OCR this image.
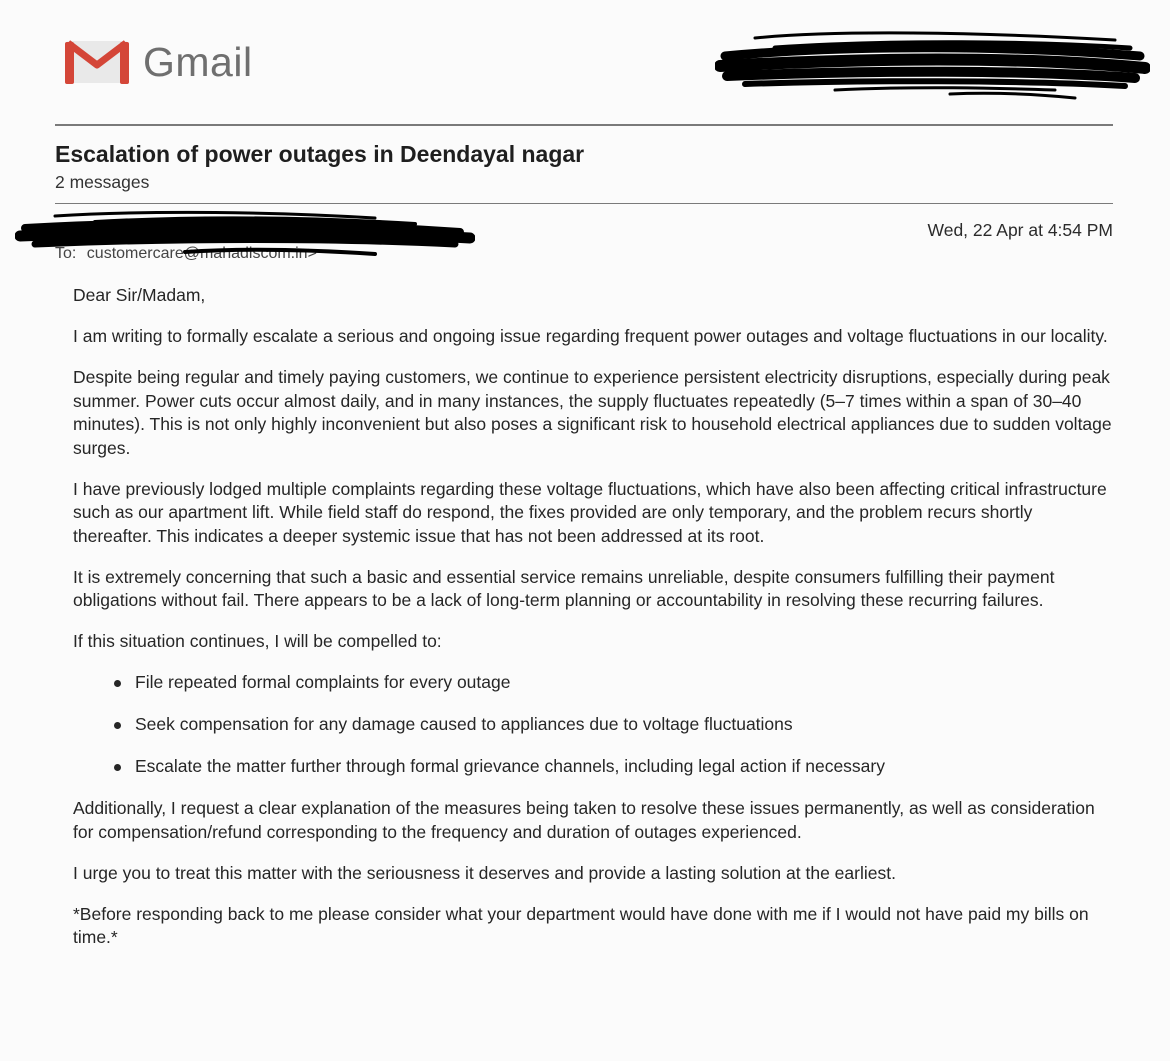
Gmail
Escalation of power outages in Deendayal nagar
2 messages
To: customercare@mahadiscom.in>
Wed, 22 Apr at 4:54 PM

Dear Sir/Madam,

I am writing to formally escalate a serious and ongoing issue regarding frequent power outages and voltage fluctuations in our locality.

Despite being regular and timely paying customers, we continue to experience persistent electricity disruptions, especially during peak summer. Power cuts occur almost daily, and in many instances, the supply fluctuates repeatedly (5–7 times within a span of 30–40 minutes). This is not only highly inconvenient but also poses a significant risk to household electrical appliances due to sudden voltage surges.

I have previously lodged multiple complaints regarding these voltage fluctuations, which have also been affecting critical infrastructure such as our apartment lift. While field staff do respond, the fixes provided are only temporary, and the problem recurs shortly thereafter. This indicates a deeper systemic issue that has not been addressed at its root.

It is extremely concerning that such a basic and essential service remains unreliable, despite consumers fulfilling their payment obligations without fail. There appears to be a lack of long-term planning or accountability in resolving these recurring failures.

If this situation continues, I will be compelled to:

File repeated formal complaints for every outage
Seek compensation for any damage caused to appliances due to voltage fluctuations
Escalate the matter further through formal grievance channels, including legal action if necessary

Additionally, I request a clear explanation of the measures being taken to resolve these issues permanently, as well as consideration for compensation/refund corresponding to the frequency and duration of outages experienced.

I urge you to treat this matter with the seriousness it deserves and provide a lasting solution at the earliest.

*Before responding back to me please consider what your department would have done with me if I would not have paid my bills on time.*
